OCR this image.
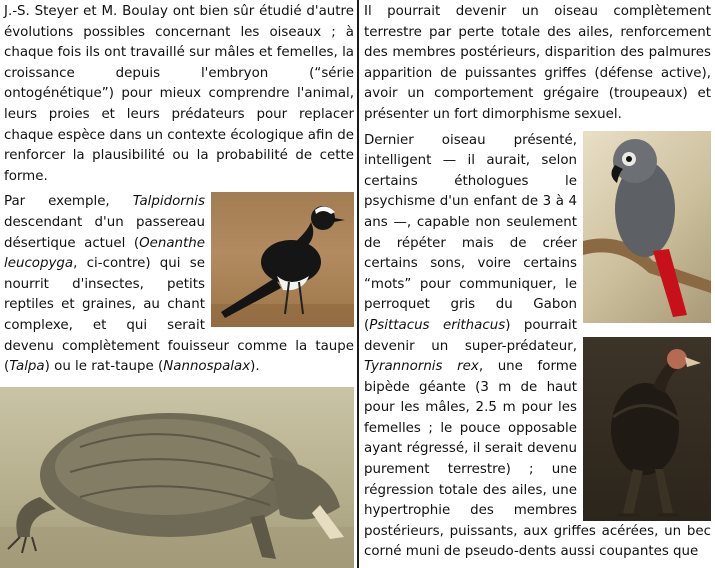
J.-S. Steyer et M. Boulay ont bien sûr étudié d'autre évolutions possibles concernant les oiseaux ; à chaque fois ils ont travaillé sur mâles et femelles, la croissance depuis l'embryon (“série ontogénétique”) pour mieux comprendre l'animal, leurs proies et leurs prédateurs pour replacer chaque espèce dans un contexte écologique afin de renforcer la plausibilité ou la probabilité de cette forme.

Par exemple, Talpidornis descendant d'un passereau désertique actuel (Oenanthe leucopyga, ci-contre) qui se nourrit d'insectes, petits reptiles et graines, au chant complexe, et qui serait devenu complètement fouisseur comme la taupe (Talpa) ou le rat-taupe (Nannospalax).

Il pourrait devenir un oiseau complètement terrestre par perte totale des ailes, renforcement des membres postérieurs, disparition des palmures apparition de puissantes griffes (défense active), avoir un comportement grégaire (troupeaux) et présenter un fort dimorphisme sexuel.

Dernier oiseau présenté, intelligent — il aurait, selon certains éthologues le psychisme d'un enfant de 3 à 4 ans —, capable non seulement de répéter mais de créer certains sons, voire certains “mots” pour communiquer, le perroquet gris du Gabon (Psittacus erithacus) pourrait devenir un super-prédateur,
Tyrannornis rex, une forme bipède géante (3 m de haut pour les mâles, 2.5 m pour les femelles ; le pouce opposable ayant régressé, il serait devenu purement terrestre) ; une régression totale des ailes, une hypertrophie des membres postérieurs, puissants, aux griffes acérées, un bec corné muni de pseudo-dents aussi coupantes que
